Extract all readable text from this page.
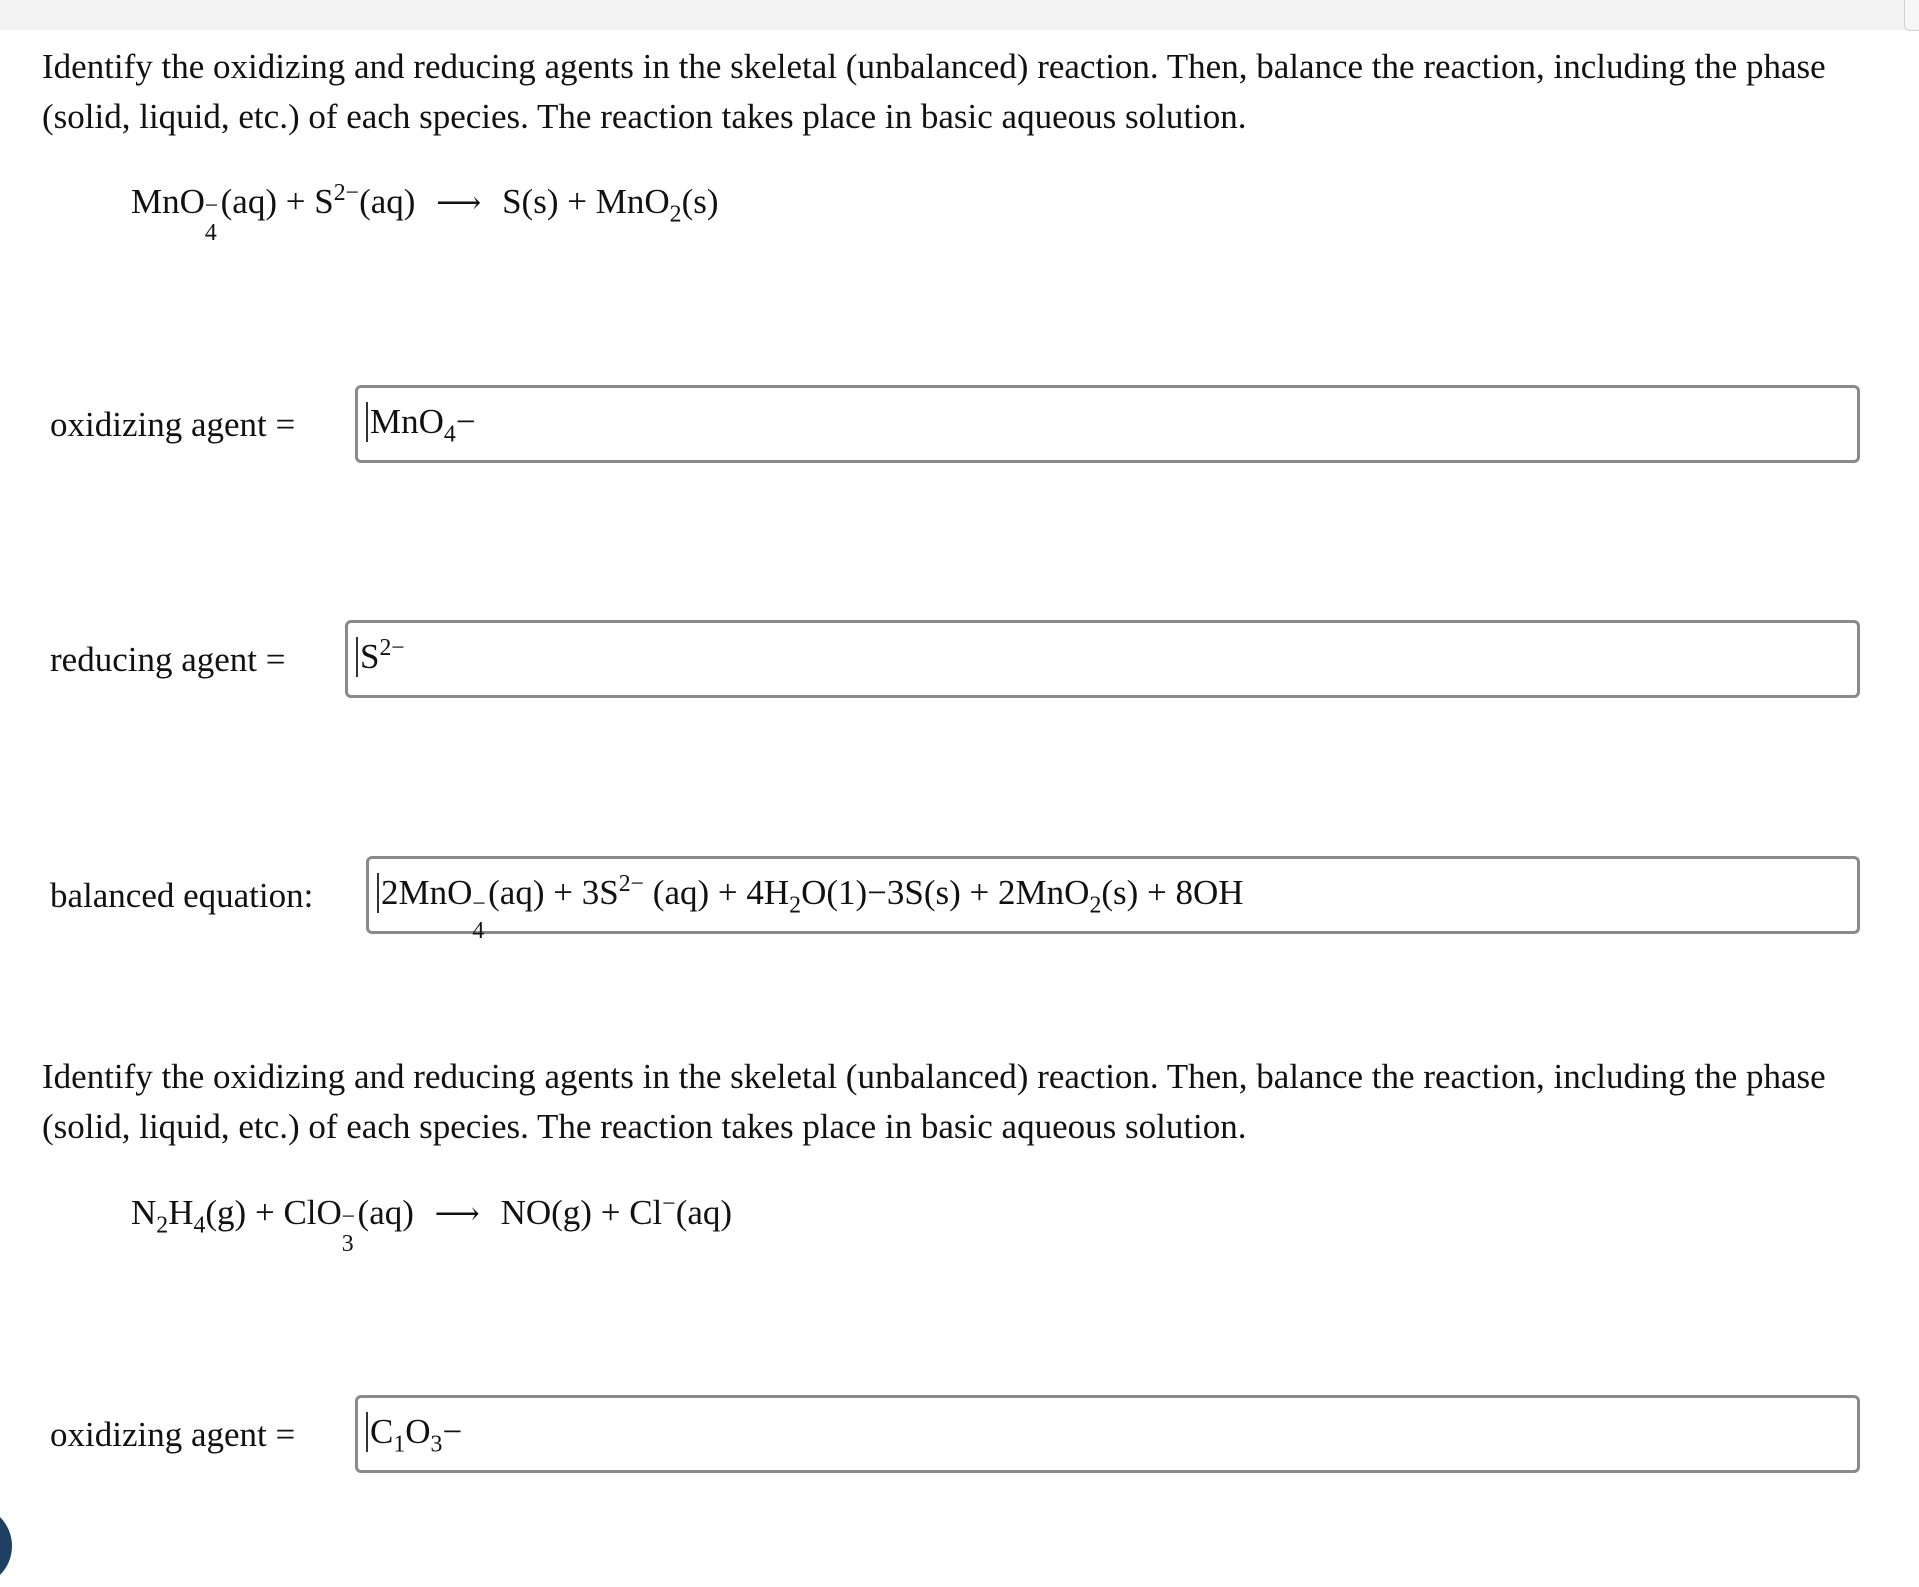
Identify the oxidizing and reducing agents in the skeletal (unbalanced) reaction. Then, balance the reaction, including the phase (solid, liquid, etc.) of each species. The reaction takes place in basic aqueous solution.
MnO −
4
$(aq) + S^{2-}(aq)$ ⟶ S(s) + MnO$_2$(s)
oxidizing agent = MnO$_4$−
reducing agent = $S^{2-}$
balanced equation: 2MnO −
4
$(aq) + 3S^{2-}$ $(aq) + 4H_2O(1)-3S(s) + 2MnO_2(s) + 8OH$
Identify the oxidizing and reducing agents in the skeletal (unbalanced) reaction. Then, balance the reaction, including the phase (solid, liquid, etc.) of each species. The reaction takes place in basic aqueous solution.
$N_2H_4(g)$ + ClO −
3
(aq) ⟶ NO(g) + Cl−(aq)
oxidizing agent = $C_1O_3-$
